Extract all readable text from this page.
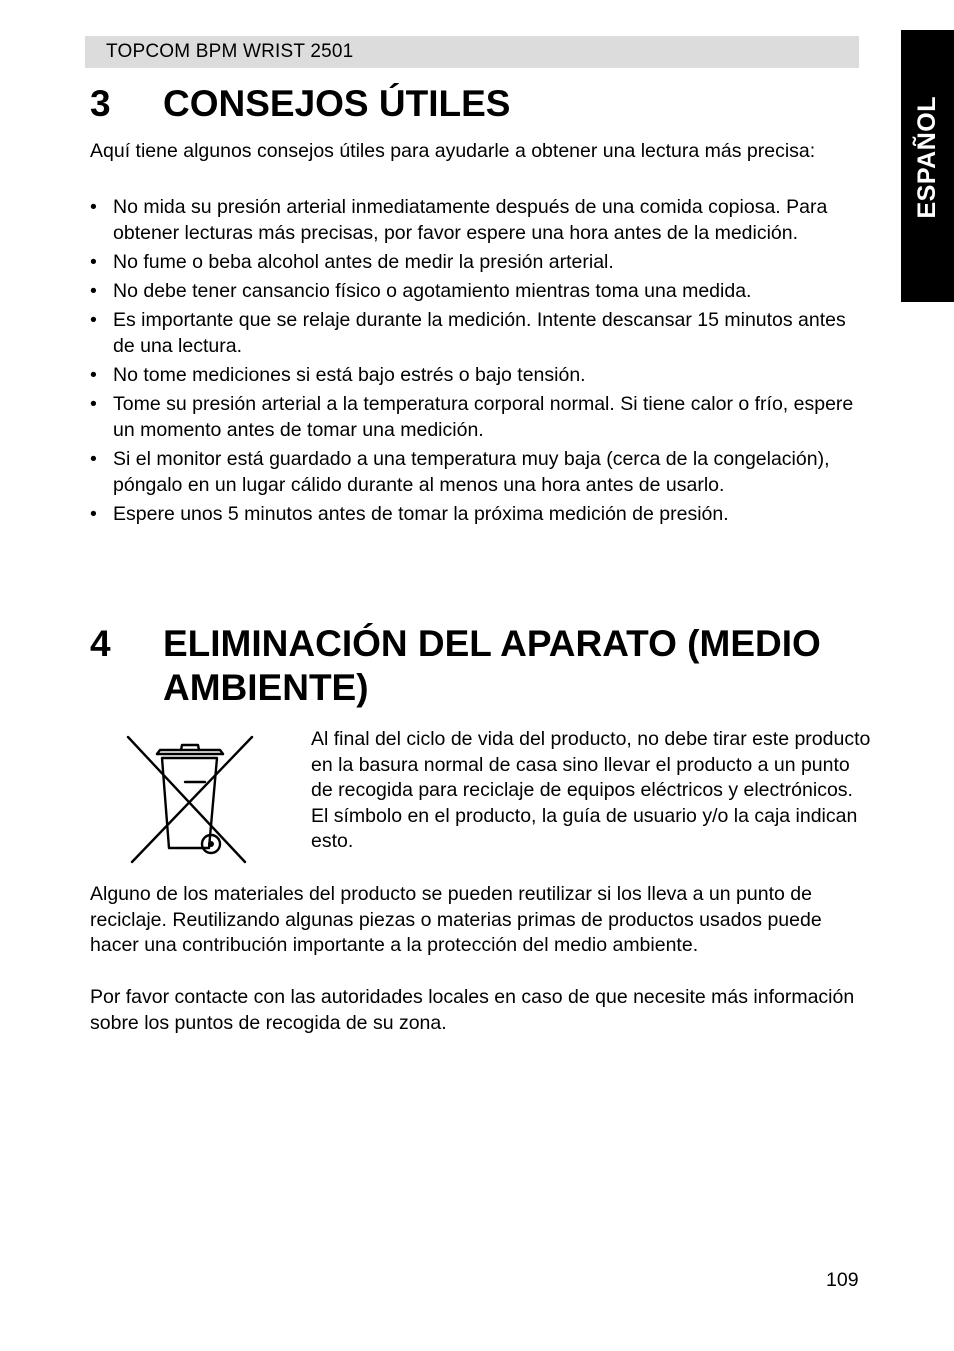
TOPCOM BPM WRIST 2501
ESPAÑOL
3	CONSEJOS ÚTILES

Aquí tiene algunos consejos útiles para ayudarle a obtener una lectura más precisa:

• No mida su presión arterial inmediatamente después de una comida copiosa. Para obtener lecturas más precisas, por favor espere una hora antes de la medición.
• No fume o beba alcohol antes de medir la presión arterial.
• No debe tener cansancio físico o agotamiento mientras toma una medida.
• Es importante que se relaje durante la medición. Intente descansar 15 minutos antes de una lectura.
• No tome mediciones si está bajo estrés o bajo tensión.
• Tome su presión arterial a la temperatura corporal normal. Si tiene calor o frío, espere un momento antes de tomar una medición.
• Si el monitor está guardado a una temperatura muy baja (cerca de la congelación), póngalo en un lugar cálido durante al menos una hora antes de usarlo.
• Espere unos 5 minutos antes de tomar la próxima medición de presión.
4	ELIMINACIÓN DEL APARATO (MEDIO AMBIENTE)

Al final del ciclo de vida del producto, no debe tirar este producto en la basura normal de casa sino llevar el producto a un punto de recogida para reciclaje de equipos eléctricos y electrónicos. El símbolo en el producto, la guía de usuario y/o la caja indican esto.

Alguno de los materiales del producto se pueden reutilizar si los lleva a un punto de reciclaje. Reutilizando algunas piezas o materias primas de productos usados puede hacer una contribución importante a la protección del medio ambiente.

Por favor contacte con las autoridades locales en caso de que necesite más información sobre los puntos de recogida de su zona.

109
